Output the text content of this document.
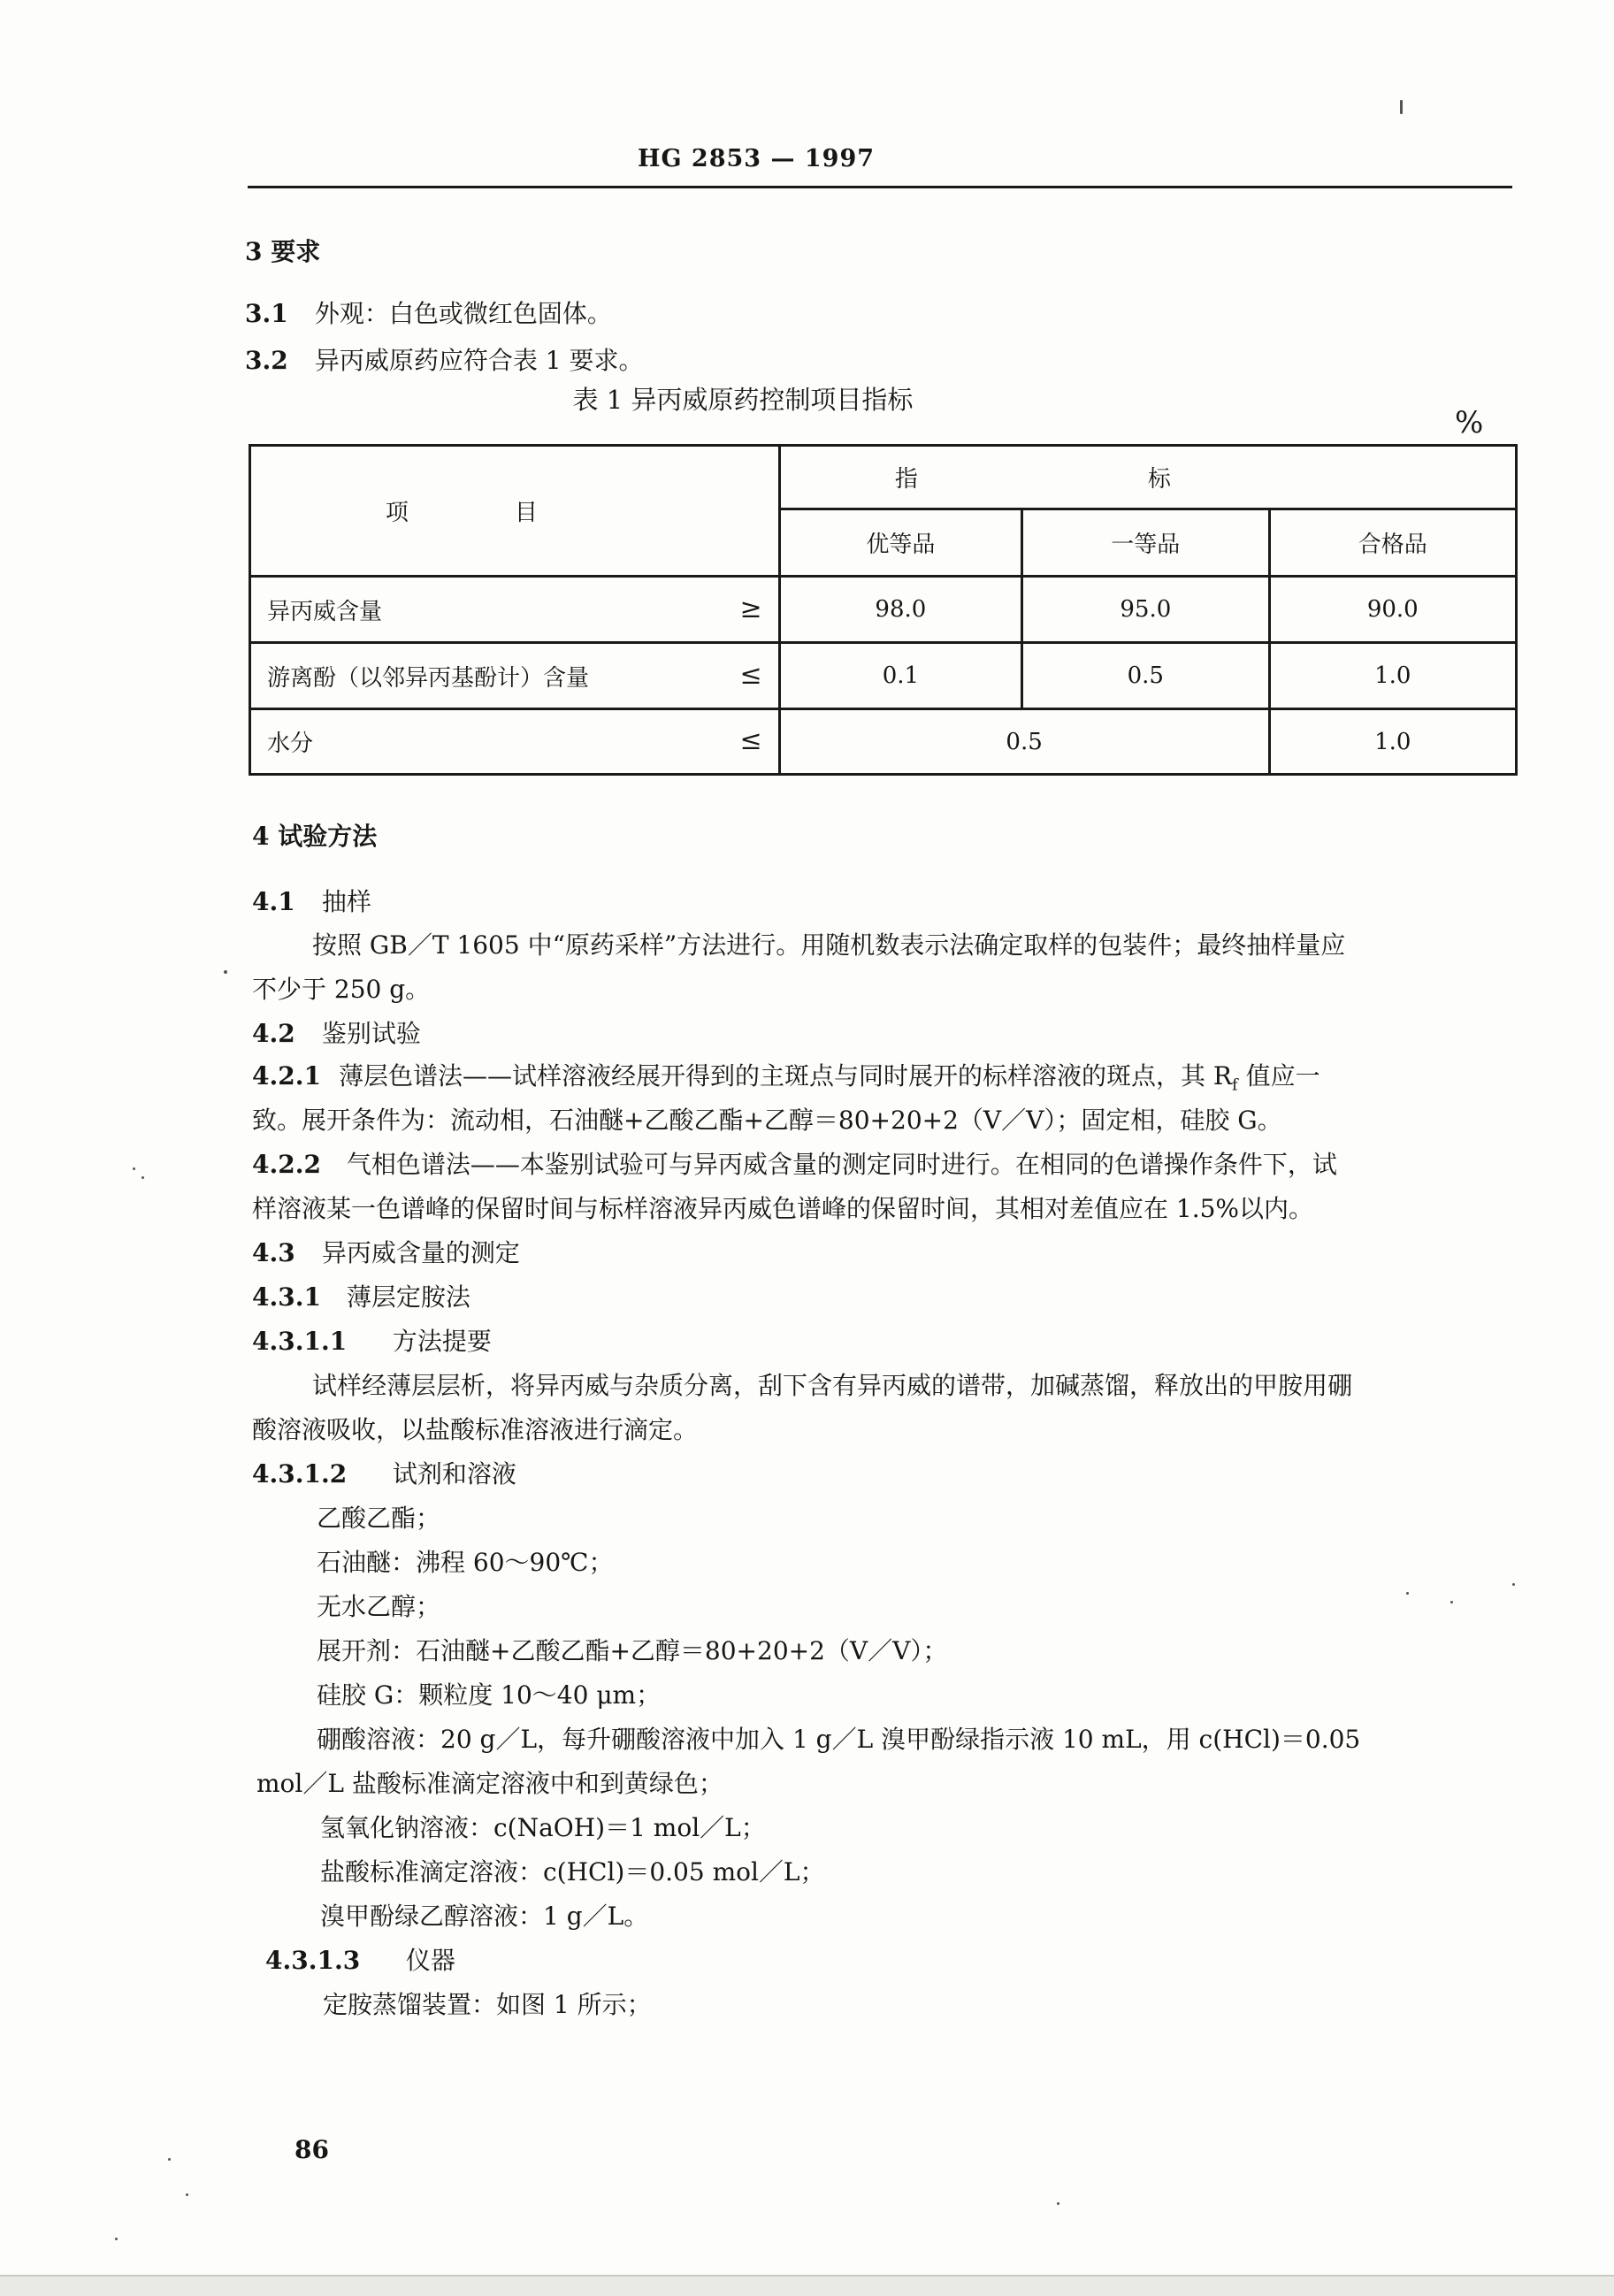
HG 2853 — 1997
3 要求
3.1 外观：白色或微红色固体。
3.2 异丙威原药应符合表 1 要求。
表 1 异丙威原药控制项目指标
%
项目	指标		
	优等品	一等品	合格品
异丙威含量 ≥	98.0	95.0	90.0
游离酚（以邻异丙基酚计）含量 ≤	0.1	0.5	1.0
水分 ≤	0.5		1.0
4 试验方法
4.1 抽样
按照 GB／T 1605 中“原药采样”方法进行。用随机数表示法确定取样的包装件；最终抽样量应
不少于 250 g。
4.2 鉴别试验
4.2.1 薄层色谱法——试样溶液经展开得到的主斑点与同时展开的标样溶液的斑点，其 $R_f$ 值应一
致。展开条件为：流动相，石油醚+乙酸乙酯+乙醇＝80+20+2（V／V）；固定相，硅胶 G。
4.2.2 气相色谱法——本鉴别试验可与异丙威含量的测定同时进行。在相同的色谱操作条件下，试
样溶液某一色谱峰的保留时间与标样溶液异丙威色谱峰的保留时间，其相对差值应在 1.5%以内。
4.3 异丙威含量的测定
4.3.1 薄层定胺法
4.3.1.1 方法提要
试样经薄层层析，将异丙威与杂质分离，刮下含有异丙威的谱带，加碱蒸馏，释放出的甲胺用硼
酸溶液吸收，以盐酸标准溶液进行滴定。
4.3.1.2 试剂和溶液
乙酸乙酯；
石油醚：沸程 60～90℃；
无水乙醇；
展开剂：石油醚+乙酸乙酯+乙醇＝80+20+2（V／V）；
硅胶 G：颗粒度 10～40 μm；
硼酸溶液：20 g／L，每升硼酸溶液中加入 1 g／L 溴甲酚绿指示液 10 mL，用 c(HCl)＝0.05
mol／L 盐酸标准滴定溶液中和到黄绿色；
氢氧化钠溶液：c(NaOH)＝1 mol／L；
盐酸标准滴定溶液：c(HCl)＝0.05 mol／L；
溴甲酚绿乙醇溶液：1 g／L。
4.3.1.3 仪器
定胺蒸馏装置：如图 1 所示；
86
